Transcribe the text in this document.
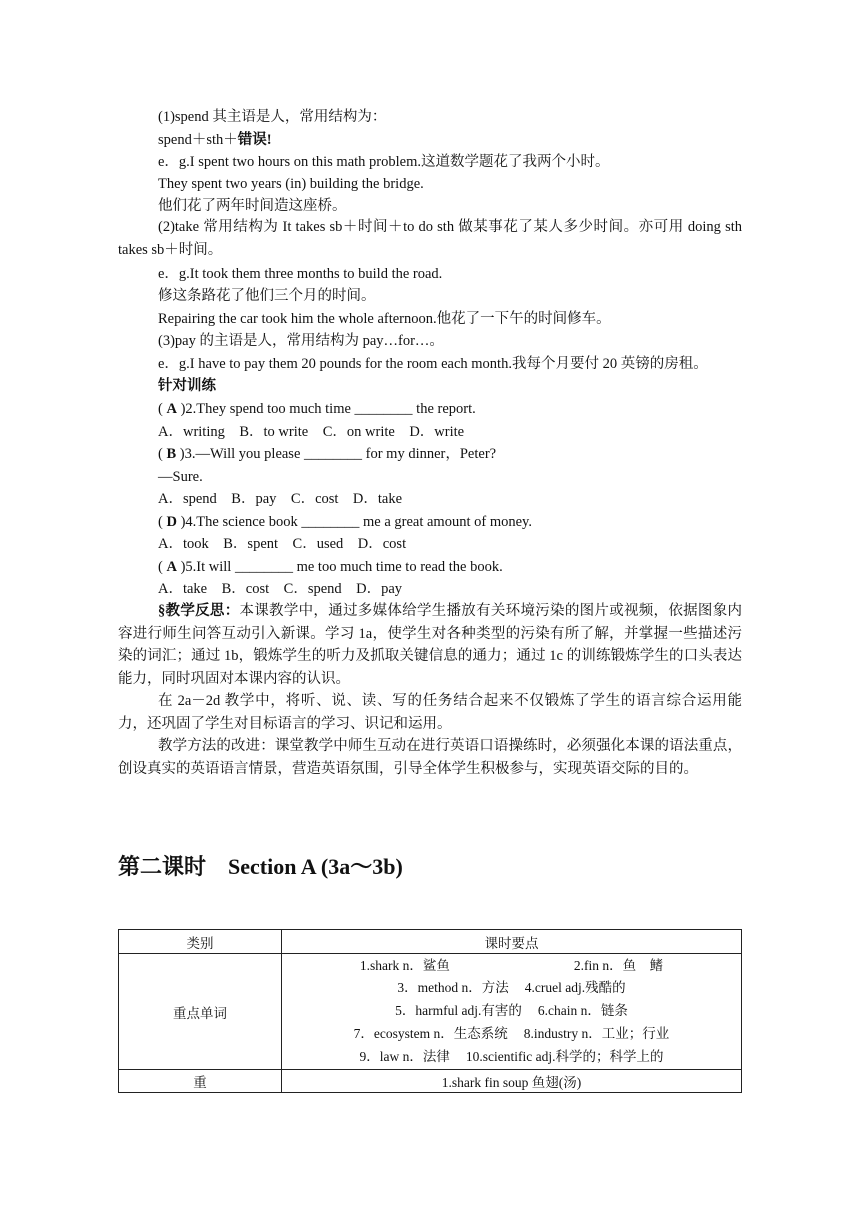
(1)spend 其主语是人，常用结构为：
spend＋sth＋错误!
e．g.I spent two hours on this math problem.这道数学题花了我两个小时。
They spent two years (in) building the bridge.
他们花了两年时间造这座桥。
(2)take 常用结构为 It takes sb＋时间＋to do sth 做某事花了某人多少时间。亦可用 doing sth takes sb＋时间。
e．g.It took them three months to build the road.
修这条路花了他们三个月的时间。
Repairing the car took him the whole afternoon.他花了一下午的时间修车。
(3)pay 的主语是人，常用结构为 pay…for…。
e．g.I have to pay them 20 pounds for the room each month.我每个月要付 20 英镑的房租。
针对训练
( A )2.They spend too much time ________ the report.
A．writing　B．to write　C．on write　D．write
( B )3.—Will you please ________ for my dinner，Peter?
—Sure.
A．spend　B．pay　C．cost　D．take
( D )4.The science book ________ me a great amount of money.
A．took　B．spent　C．used　D．cost
( A )5.It will ________ me too much time to read the book.
A．take　B．cost　C．spend　D．pay
§教学反思：本课教学中，通过多媒体给学生播放有关环境污染的图片或视频，依据图象内容进行师生问答互动引入新课。学习 1a，使学生对各种类型的污染有所了解，并掌握一些描述污染的词汇；通过 1b，锻炼学生的听力及抓取关键信息的通力；通过 1c 的训练锻炼学生的口头表达能力，同时巩固对本课内容的认识。
在 2a－2d 教学中，将听、说、读、写的任务结合起来不仅锻炼了学生的语言综合运用能力，还巩固了学生对目标语言的学习、识记和运用。
教学方法的改进：课堂教学中师生互动在进行英语口语操练时，必须强化本课的语法重点，创设真实的英语语言情景，营造英语氛围，引导全体学生积极参与，实现英语交际的目的。
第二课时 Section A (3a～3b)
类别	课时要点
重点单词	1.shark n．鲨鱼 2.fin n．鱼　鳍
3．method n．方法 4.cruel adj.残酷的
5．harmful adj.有害的 6.chain n．链条
7．ecosystem n．生态系统 8.industry n．工业；行业
9．law n．法律 10.scientific adj.科学的；科学上的

重	1.shark fin soup 鱼翅(汤)
